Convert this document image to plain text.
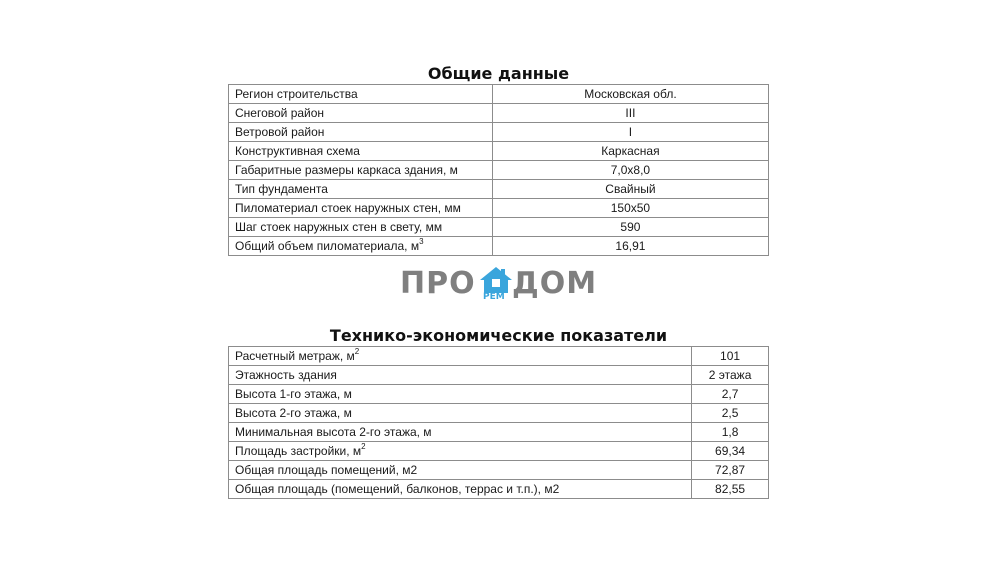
Общие данные
Регион строительства	Московская обл.
Снеговой район	III
Ветровой район	I
Конструктивная схема	Каркасная
Габаритные размеры каркаса здания, м	7,0х8,0
Тип фундамента	Свайный
Пиломатериал стоек наружных стен, мм	150х50
Шаг стоек наружных стен в свету, мм	590
Общий объем пиломатериала, $м^3$	16,91
ПРО РЕМ ДОМ
Технико-экономические показатели
Расчетный метраж, $м^2$	101
Этажность здания	2 этажа
Высота 1-го этажа, м	2,7
Высота 2-го этажа, м	2,5
Минимальная высота 2-го этажа, м	1,8
Площадь застройки, $м^2$	69,34
Общая площадь помещений, м2	72,87
Общая площадь (помещений, балконов, террас и т.п.), м2	82,55
